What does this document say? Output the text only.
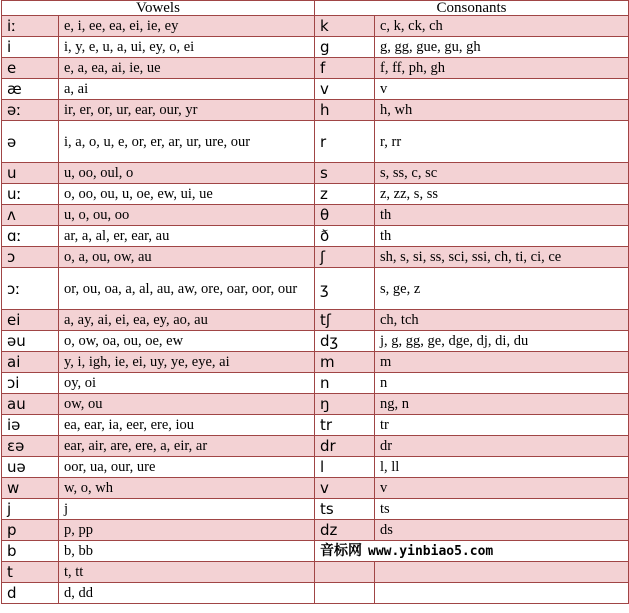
Vowels		Consonants	
iː	e, i, ee, ea, ei, ie, ey	k	c, k, ck, ch
i	i, y, e, u, a, ui, ey, o, ei	g	g, gg, gue, gu, gh
e	e, a, ea, ai, ie, ue	f	f, ff, ph, gh
æ	a, ai	v	v
əː	ir, er, or, ur, ear, our, yr	h	h, wh
ə	i, a, o, u, e, or, er, ar, ur, ure, our	r	r, rr
u	u, oo, oul, o	s	s, ss, c, sc
uː	o, oo, ou, u, oe, ew, ui, ue	z	z, zz, s, ss
ʌ	u, o, ou, oo	θ	th
ɑː	ar, a, al, er, ear, au	ð	th
ɔ	o, a, ou, ow, au	ʃ	sh, s, si, ss, sci, ssi, ch, ti, ci, ce
ɔː	or, ou, oa, a, al, au, aw, ore, oar, oor, our	ʒ	s, ge, z
ei	a, ay, ai, ei, ea, ey, ao, au	tʃ	ch, tch
əu	o, ow, oa, ou, oe, ew	dʒ	j, g, gg, ge, dge, dj, di, du
ai	y, i, igh, ie, ei, uy, ye, eye, ai	m	m
ɔi	oy, oi	n	n
au	ow, ou	ŋ	ng, n
iə	ea, ear, ia, eer, ere, iou	tr	tr
ɛə	ear, air, are, ere, a, eir, ar	dr	dr
uə	oor, ua, our, ure	l	l, ll
w	w, o, wh	v	v
j	j	ts	ts
p	p, pp	dz	ds
b	b, bb	音标网 www.yinbiao5.com	
t	t, tt		
d	d, dd		
